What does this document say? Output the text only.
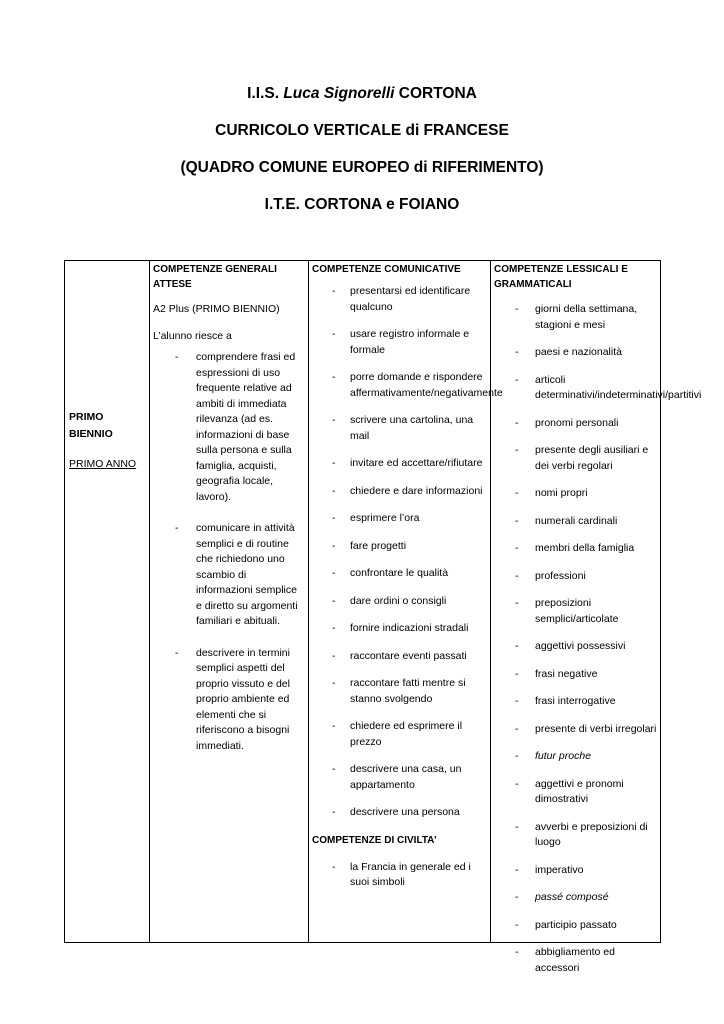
I.I.S. Luca Signorelli CORTONA

CURRICOLO VERTICALE di FRANCESE

(QUADRO COMUNE EUROPEO di RIFERIMENTO)

I.T.E. CORTONA e FOIANO

PRIMO
BIENNIO
PRIMO ANNO

COMPETENZE GENERALI ATTESE

A2 Plus (PRIMO BIENNIO)

L’alunno riesce a

- comprendere frasi ed espressioni di uso frequente relative ad ambiti di immediata rilevanza (ad es. informazioni di base sulla persona e sulla famiglia, acquisti, geografia locale, lavoro).
- comunicare in attività semplici e di routine che richiedono uno scambio di informazioni semplice e diretto su argomenti familiari e abituali.
- descrivere in termini semplici aspetti del proprio vissuto e del proprio ambiente ed elementi che si riferiscono a bisogni immediati.

COMPETENZE COMUNICATIVE

- presentarsi ed identificare qualcuno
- usare registro informale e formale
- porre domande e rispondere affermativamente/negativamente
- scrivere una cartolina, una mail
- invitare ed accettare/rifiutare
- chiedere e dare informazioni
- esprimere l’ora
- fare progetti
- confrontare le qualità
- dare ordini o consigli
- fornire indicazioni stradali
- raccontare eventi passati
- raccontare fatti mentre si stanno svolgendo
- chiedere ed esprimere il prezzo
- descrivere una casa, un appartamento
- descrivere una persona

COMPETENZE DI CIVILTA’

- la Francia in generale ed i suoi simboli

COMPETENZE LESSICALI E GRAMMATICALI

- giorni della settimana, stagioni e mesi
- paesi e nazionalità
- articoli determinativi/indeterminativi/partitivi
- pronomi personali
- presente degli ausiliari e dei verbi regolari
- nomi propri
- numerali cardinali
- membri della famiglia
- professioni
- preposizioni semplici/articolate
- aggettivi possessivi
- frasi negative
- frasi interrogative
- presente di verbi irregolari
- futur proche
- aggettivi e pronomi dimostrativi
- avverbi e preposizioni di luogo
- imperativo
- passé composé
- participio passato
- abbigliamento ed accessori
